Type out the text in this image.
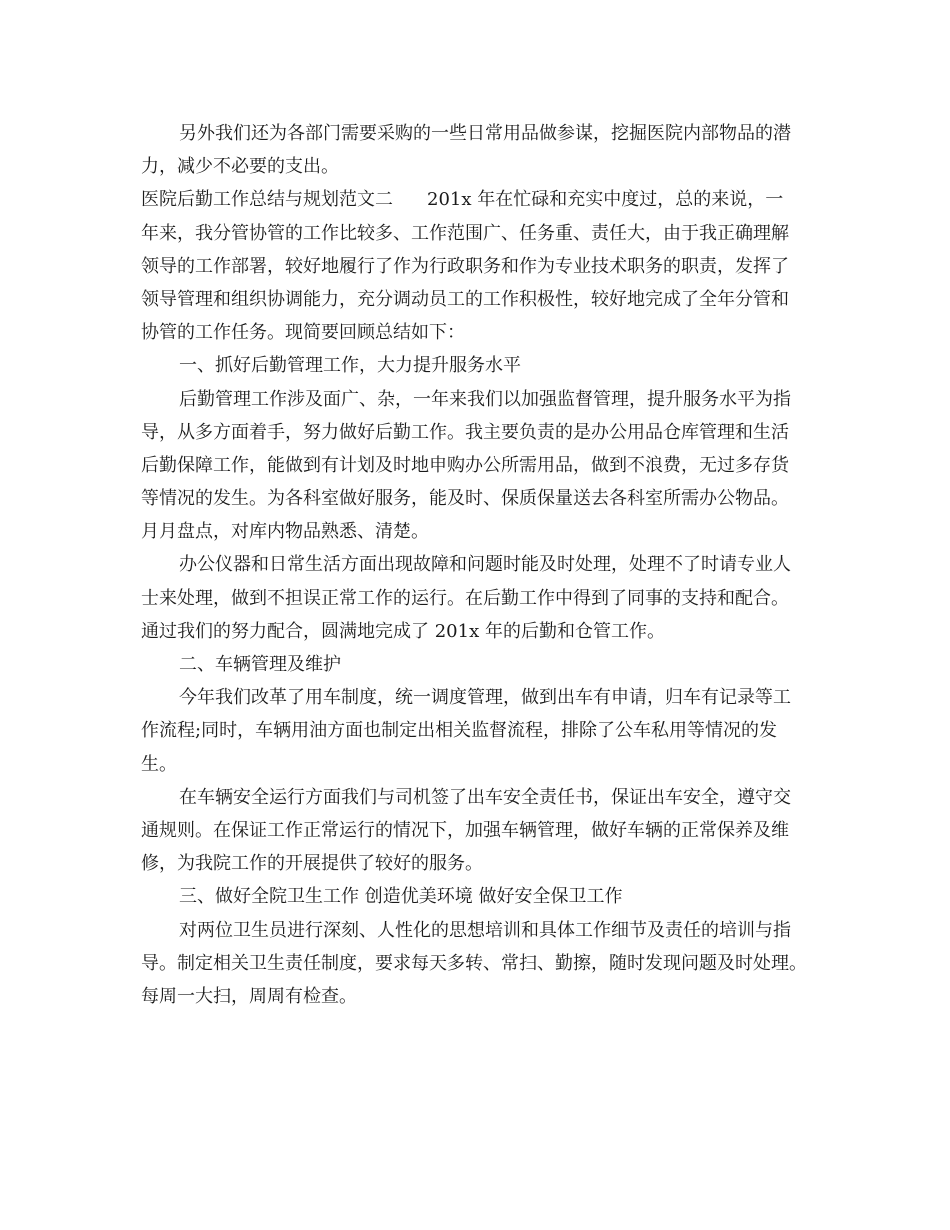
另外我们还为各部门需要采购的一些日常用品做参谋，挖掘医院内部物品的潜
力，减少不必要的支出。
医院后勤工作总结与规划范文二 201x 年在忙碌和充实中度过，总的来说，一
年来，我分管协管的工作比较多、工作范围广、任务重、责任大，由于我正确理解
领导的工作部署，较好地履行了作为行政职务和作为专业技术职务的职责，发挥了
领导管理和组织协调能力，充分调动员工的工作积极性，较好地完成了全年分管和
协管的工作任务。现简要回顾总结如下：
一、抓好后勤管理工作，大力提升服务水平
后勤管理工作涉及面广、杂，一年来我们以加强监督管理，提升服务水平为指
导，从多方面着手，努力做好后勤工作。我主要负责的是办公用品仓库管理和生活
后勤保障工作，能做到有计划及时地申购办公所需用品，做到不浪费，无过多存货
等情况的发生。为各科室做好服务，能及时、保质保量送去各科室所需办公物品。
月月盘点，对库内物品熟悉、清楚。
办公仪器和日常生活方面出现故障和问题时能及时处理，处理不了时请专业人
士来处理，做到不担误正常工作的运行。在后勤工作中得到了同事的支持和配合。
通过我们的努力配合，圆满地完成了 201x 年的后勤和仓管工作。
二、车辆管理及维护
今年我们改革了用车制度，统一调度管理，做到出车有申请，归车有记录等工
作流程;同时，车辆用油方面也制定出相关监督流程，排除了公车私用等情况的发
生。
在车辆安全运行方面我们与司机签了出车安全责任书，保证出车安全，遵守交
通规则。在保证工作正常运行的情况下，加强车辆管理，做好车辆的正常保养及维
修，为我院工作的开展提供了较好的服务。
三、做好全院卫生工作 创造优美环境 做好安全保卫工作
对两位卫生员进行深刻、人性化的思想培训和具体工作细节及责任的培训与指
导。制定相关卫生责任制度，要求每天多转、常扫、勤擦，随时发现问题及时处理。
每周一大扫，周周有检查。
